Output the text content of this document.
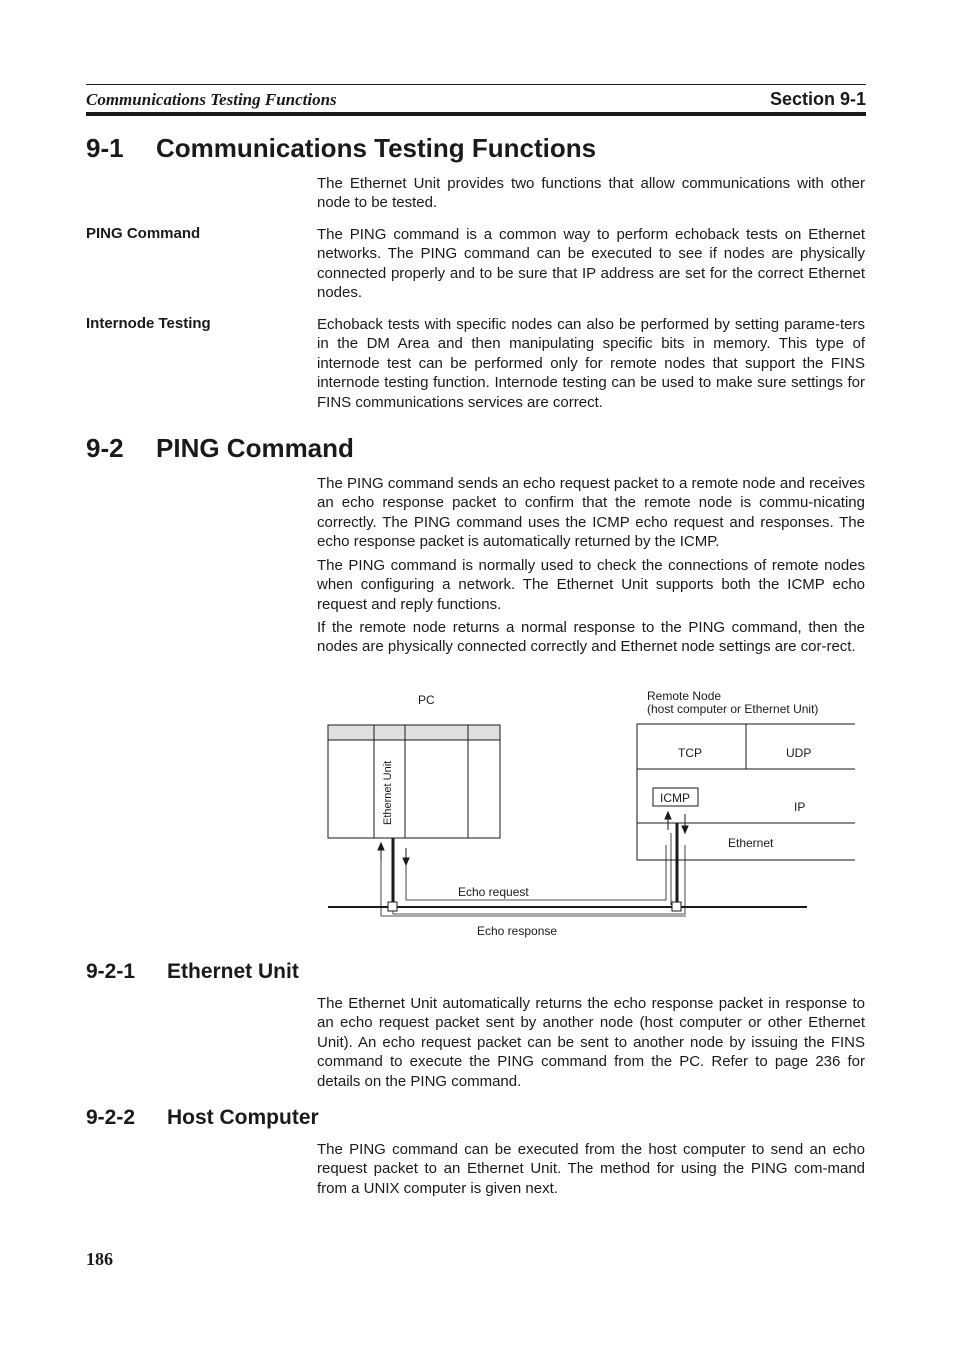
Communications Testing Functions	Section 9-1
9-1 Communications Testing Functions
The Ethernet Unit provides two functions that allow communications with other node to be tested.
PING Command	The PING command is a common way to perform echoback tests on Ethernet networks. The PING command can be executed to see if nodes are physically connected properly and to be sure that IP address are set for the correct Ethernet nodes.
Internode Testing	Echoback tests with specific nodes can also be performed by setting parame-ters in the DM Area and then manipulating specific bits in memory. This type of internode test can be performed only for remote nodes that support the FINS internode testing function. Internode testing can be used to make sure settings for FINS communications services are correct.
9-2 PING Command
The PING command sends an echo request packet to a remote node and receives an echo response packet to confirm that the remote node is commu-nicating correctly. The PING command uses the ICMP echo request and responses. The echo response packet is automatically returned by the ICMP.
The PING command is normally used to check the connections of remote nodes when configuring a network. The Ethernet Unit supports both the ICMP echo request and reply functions.
If the remote node returns a normal response to the PING command, then the nodes are physically connected correctly and Ethernet node settings are cor-rect.
PC	Remote Node
(host computer or Ethernet Unit)
Ethernet Unit
TCP	UDP
ICMP
IP
Ethernet
Echo request
Echo response
9-2-1 Ethernet Unit
The Ethernet Unit automatically returns the echo response packet in response to an echo request packet sent by another node (host computer or other Ethernet Unit). An echo request packet can be sent to another node by issuing the FINS command to execute the PING command from the PC. Refer to page 236 for details on the PING command.
9-2-2 Host Computer
The PING command can be executed from the host computer to send an echo request packet to an Ethernet Unit. The method for using the PING com-mand from a UNIX computer is given next.
186
